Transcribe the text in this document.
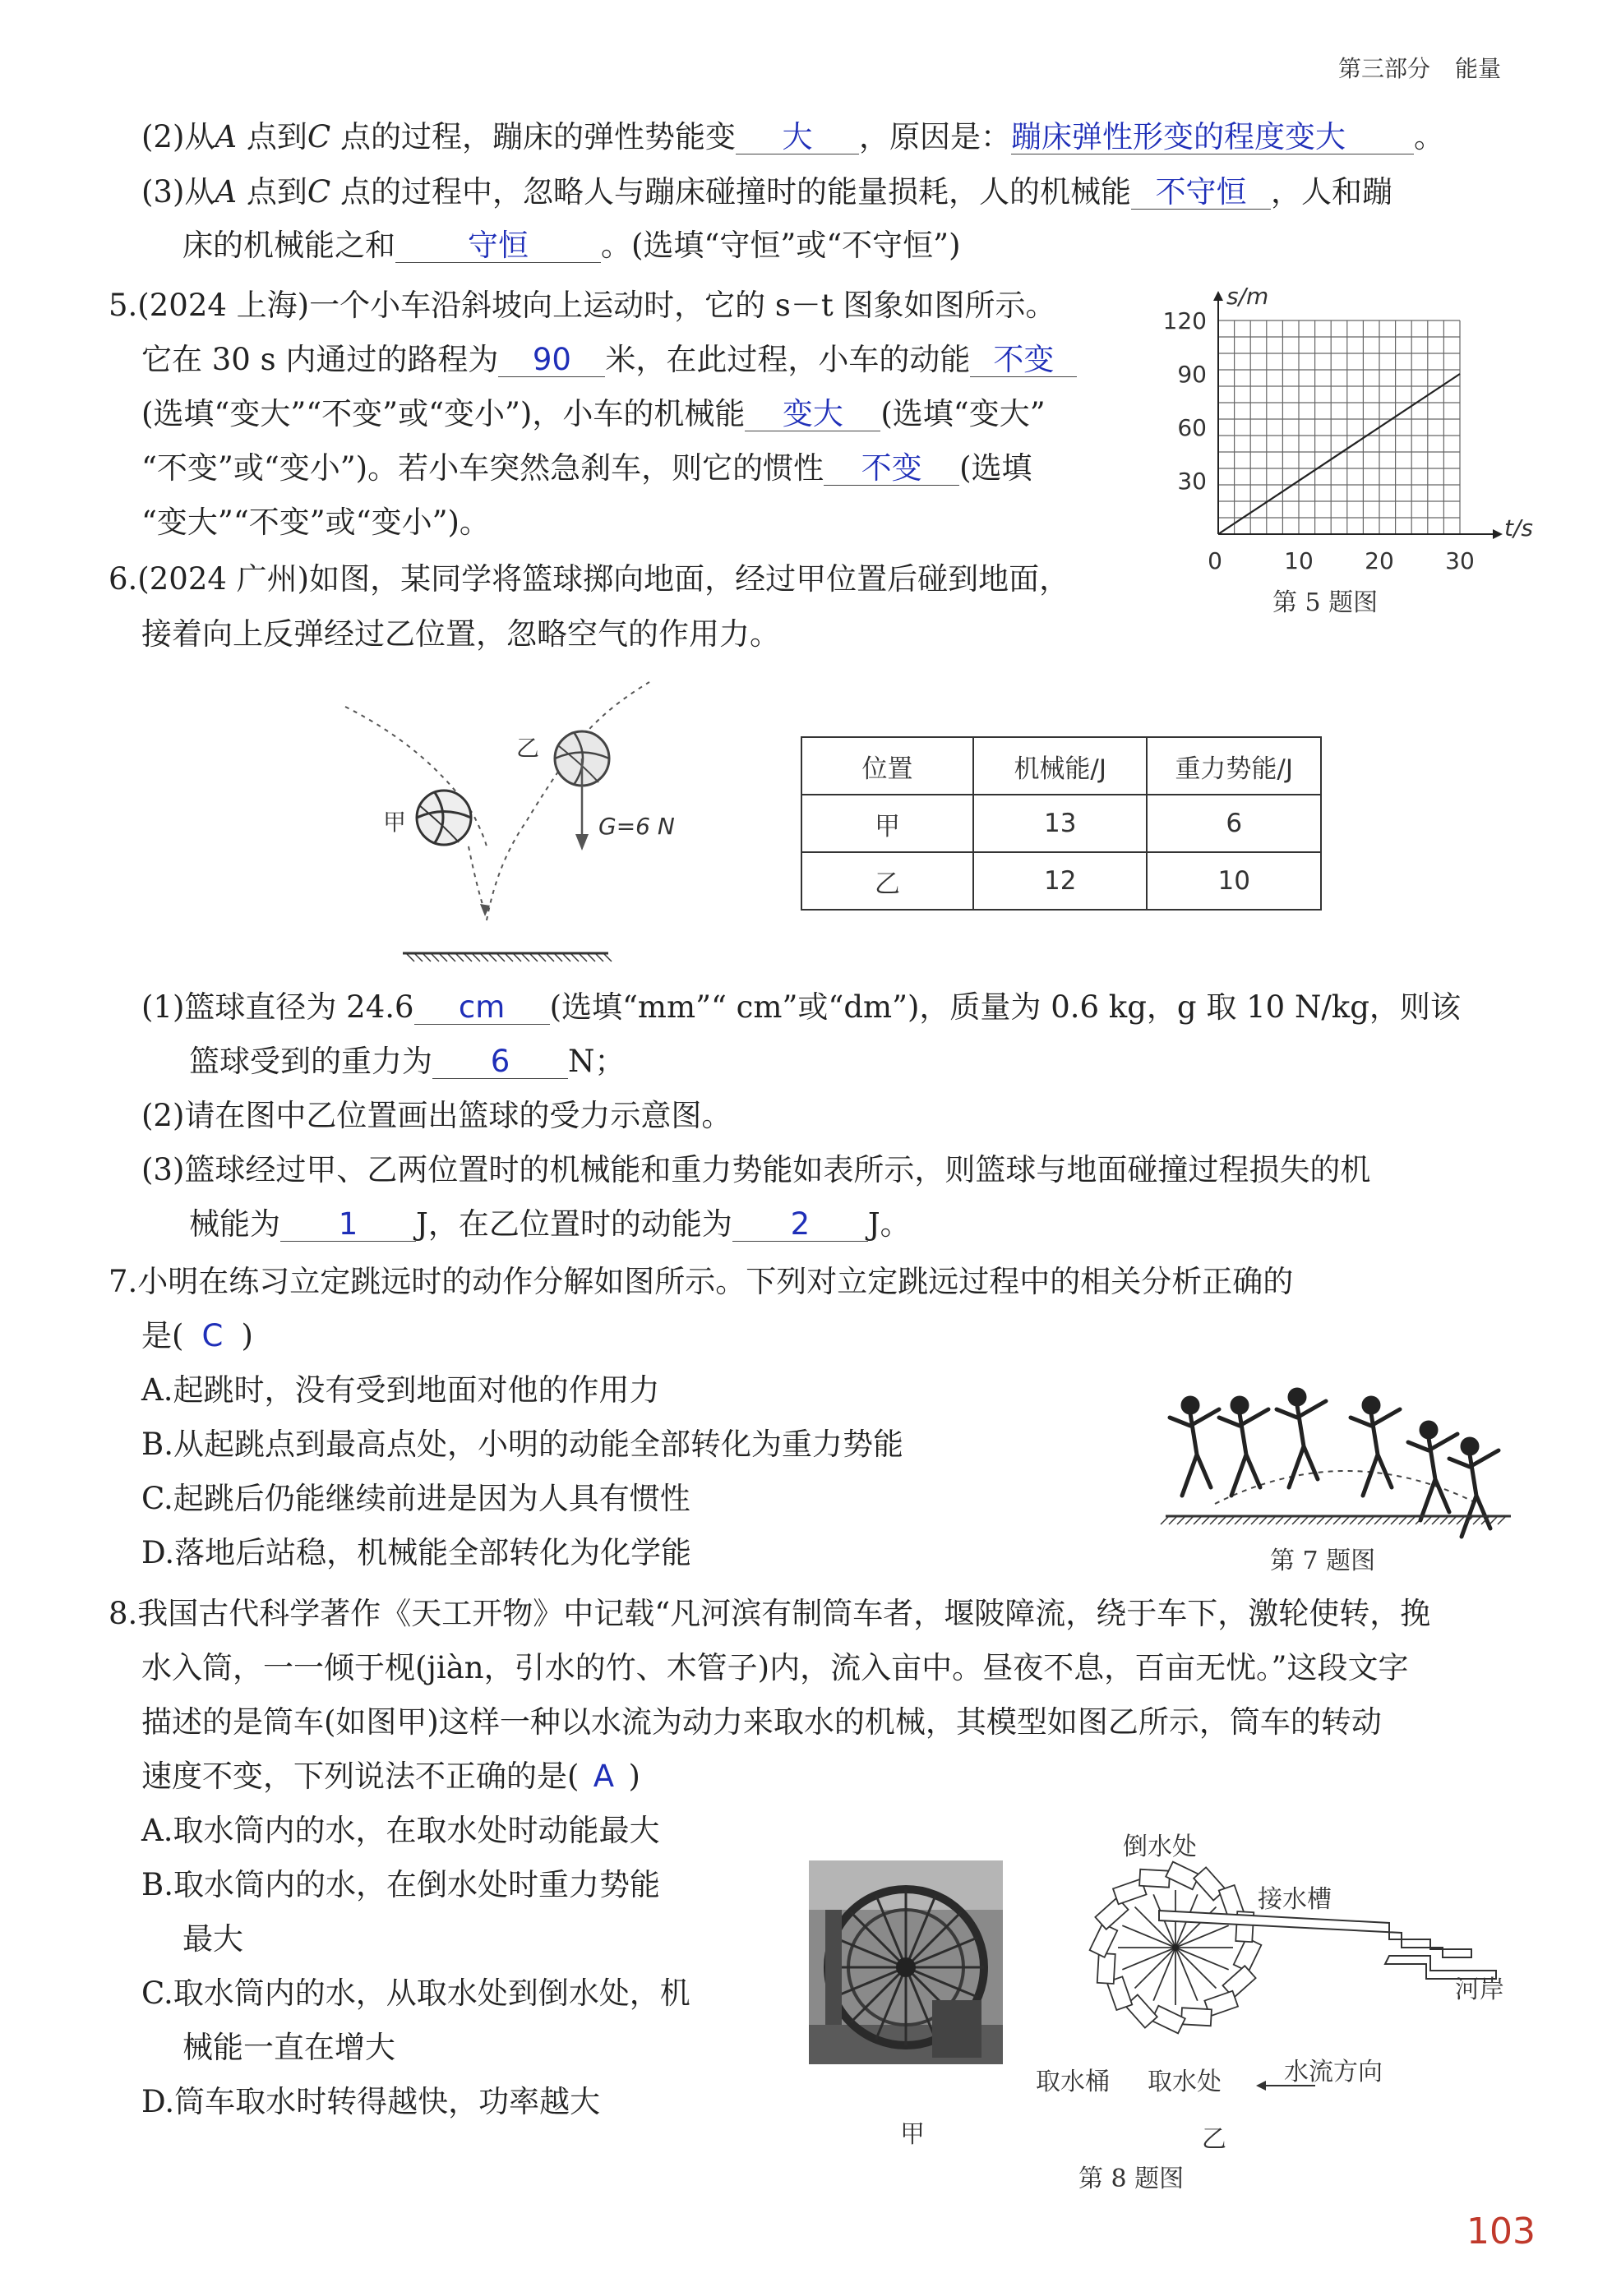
第三部分 能量
(2)从A 点到C 点的过程，蹦床的弹性势能变 大 ，原因是：蹦床弹性形变的程度变大 。
(3)从A 点到C 点的过程中，忽略人与蹦床碰撞时的能量损耗，人的机械能 不守恒 ，人和蹦
床的机械能之和 守恒 。(选填“守恒”或“不守恒”)
5.(2024 上海)一个小车沿斜坡向上运动时，它的 s－t 图象如图所示。
它在 30 s 内通过的路程为 90 米，在此过程，小车的动能 不变
(选填“变大”“不变”或“变小”)，小车的机械能 变大 (选填“变大”
“不变”或“变小”)。若小车突然急刹车，则它的惯性 不变 (选填
“变大”“不变”或“变小”)。	t/s
s/m
0	10 20 30
30
60
90
120
第 5 题图
6.(2024 广州)如图，某同学将篮球掷向地面，经过甲位置后碰到地面，
接着向上反弹经过乙位置，忽略空气的作用力。
甲
乙
G=6 N
位置	机械能/J	重力势能/J
甲	13	6
乙	12	10
(1)篮球直径为 24.6 cm (选填“mm”“ cm”或“dm”)，质量为 0.6 kg，g 取 10 N/kg，则该
篮球受到的重力为 6 N；
(2)请在图中乙位置画出篮球的受力示意图。
(3)篮球经过甲、乙两位置时的机械能和重力势能如表所示，则篮球与地面碰撞过程损失的机
械能为 1 J，在乙位置时的动能为 2 J。
7.小明在练习立定跳远时的动作分解如图所示。下列对立定跳远过程中的相关分析正确的
是( C )
A.起跳时，没有受到地面对他的作用力
B.从起跳点到最高点处，小明的动能全部转化为重力势能
C.起跳后仍能继续前进是因为人具有惯性
D.落地后站稳，机械能全部转化为化学能	第 7 题图
8.我国古代科学著作《天工开物》中记载“凡河滨有制筒车者，堰陂障流，绕于车下，激轮使转，挽
水入筒，一一倾于枧(jiàn，引水的竹、木管子)内，流入亩中。昼夜不息，百亩无忧。”这段文字
描述的是筒车(如图甲)这样一种以水流为动力来取水的机械，其模型如图乙所示，筒车的转动
速度不变，下列说法不正确的是( A )
A.取水筒内的水，在取水处时动能最大
B.取水筒内的水，在倒水处时重力势能
最大
C.取水筒内的水，从取水处到倒水处，机
械能一直在增大
D.筒车取水时转得越快，功率越大
甲
倒水处
接水槽
河岸
取水桶 取水处	水流方向
乙
第 8 题图
103
